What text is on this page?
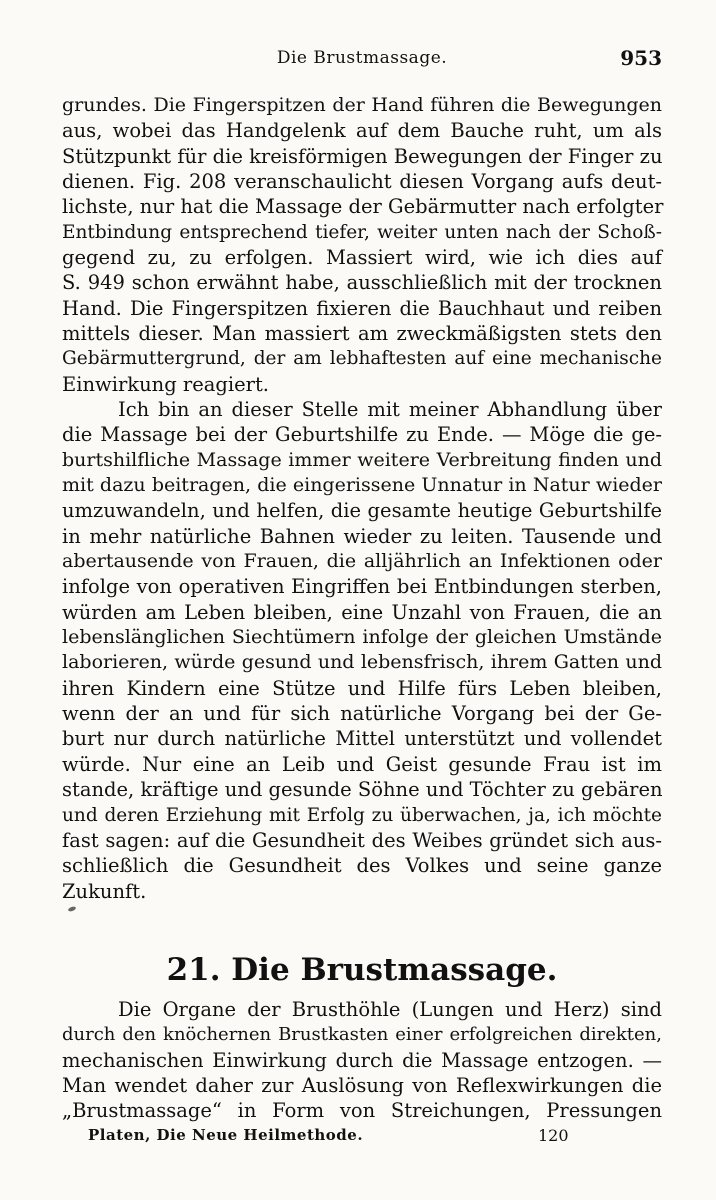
Die Brustmassage.	953
grundes. Die Fingerspitzen der Hand führen die Bewegungen
aus, wobei das Handgelenk auf dem Bauche ruht, um als
Stützpunkt für die kreisförmigen Bewegungen der Finger zu
dienen. Fig. 208 veranschaulicht diesen Vorgang aufs deut-
lichste, nur hat die Massage der Gebärmutter nach erfolgter
Entbindung entsprechend tiefer, weiter unten nach der Schoß-
gegend zu, zu erfolgen. Massiert wird, wie ich dies auf
S. 949 schon erwähnt habe, ausschließlich mit der trocknen
Hand. Die Fingerspitzen fixieren die Bauchhaut und reiben
mittels dieser. Man massiert am zweckmäßigsten stets den
Gebärmuttergrund, der am lebhaftesten auf eine mechanische
Einwirkung reagiert.
Ich bin an dieser Stelle mit meiner Abhandlung über
die Massage bei der Geburtshilfe zu Ende. — Möge die ge-
burtshilfliche Massage immer weitere Verbreitung finden und
mit dazu beitragen, die eingerissene Unnatur in Natur wieder
umzuwandeln, und helfen, die gesamte heutige Geburtshilfe
in mehr natürliche Bahnen wieder zu leiten. Tausende und
abertausende von Frauen, die alljährlich an Infektionen oder
infolge von operativen Eingriffen bei Entbindungen sterben,
würden am Leben bleiben, eine Unzahl von Frauen, die an
lebenslänglichen Siechtümern infolge der gleichen Umstände
laborieren, würde gesund und lebensfrisch, ihrem Gatten und
ihren Kindern eine Stütze und Hilfe fürs Leben bleiben,
wenn der an und für sich natürliche Vorgang bei der Ge-
burt nur durch natürliche Mittel unterstützt und vollendet
würde. Nur eine an Leib und Geist gesunde Frau ist im
stande, kräftige und gesunde Söhne und Töchter zu gebären
und deren Erziehung mit Erfolg zu überwachen, ja, ich möchte
fast sagen: auf die Gesundheit des Weibes gründet sich aus-
schließlich die Gesundheit des Volkes und seine ganze
Zukunft.
21. Die Brustmassage.
Die Organe der Brusthöhle (Lungen und Herz) sind
durch den knöchernen Brustkasten einer erfolgreichen direkten,
mechanischen Einwirkung durch die Massage entzogen. —
Man wendet daher zur Auslösung von Reflexwirkungen die
„Brustmassage“ in Form von Streichungen, Pressungen
Platen, Die Neue Heilmethode.	120
